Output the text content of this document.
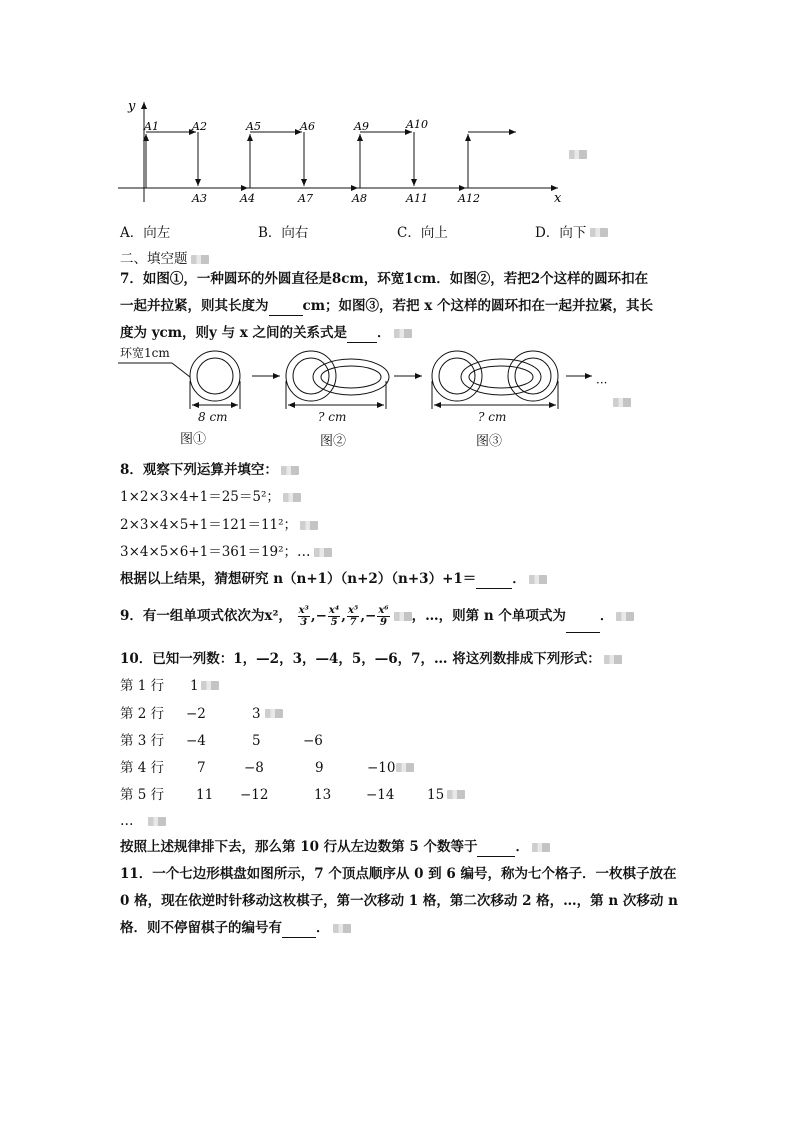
y
x
A1	A2
A3	A4
A5	A6
A7	A8
A9	A10
A11	A12
A．向左	B．向右	C．向上	D．向下
二、填空题
7．如图①，一种圆环的外圆直径是8cm，环宽1cm．如图②，若把2个这样的圆环扣在
一起并拉紧，则其长度为	cm；如图③，若把 x 个这样的圆环扣在一起并拉紧，其长
度为 ycm，则y 与 x 之间的关系式是 ．
环宽1cm
···
8 cm	? cm	? cm
图①	图②	图③
8．观察下列运算并填空：
1×2×3×4+1＝25＝5²；
2×3×4×5+1＝121＝11²；
3×4×5×6+1＝361＝19²；…
根据以上结果，猜想研究 n（n+1）（n+2）（n+3）+1＝	．
9．有一组单项式依次为x²， $\frac{\text{x³}}{3}$ ,− $\frac{\text{x⁴}}{5}$ , $\frac{\text{x⁵}}{7}$ ,− $\frac{\text{x⁶}}{9}$ ，…，则第 n 个单项式为	．
10．已知一列数：1，—2，3，—4，5，—6，7，… 将这列数排成下列形式：
第 1 行 1
第 2 行 −2	3
第 3 行 −4	5	−6
第 4 行 7	−8	9	−10
第 5 行 11 −12	13	−14 15
…
按照上述规律排下去，那么第 10 行从左边数第 5 个数等于	．
11．一个七边形棋盘如图所示，7 个顶点顺序从 0 到 6 编号，称为七个格子．一枚棋子放在
0 格，现在依逆时针移动这枚棋子，第一次移动 1 格，第二次移动 2 格，…，第 n 次移动 n
格．则不停留棋子的编号有	．
